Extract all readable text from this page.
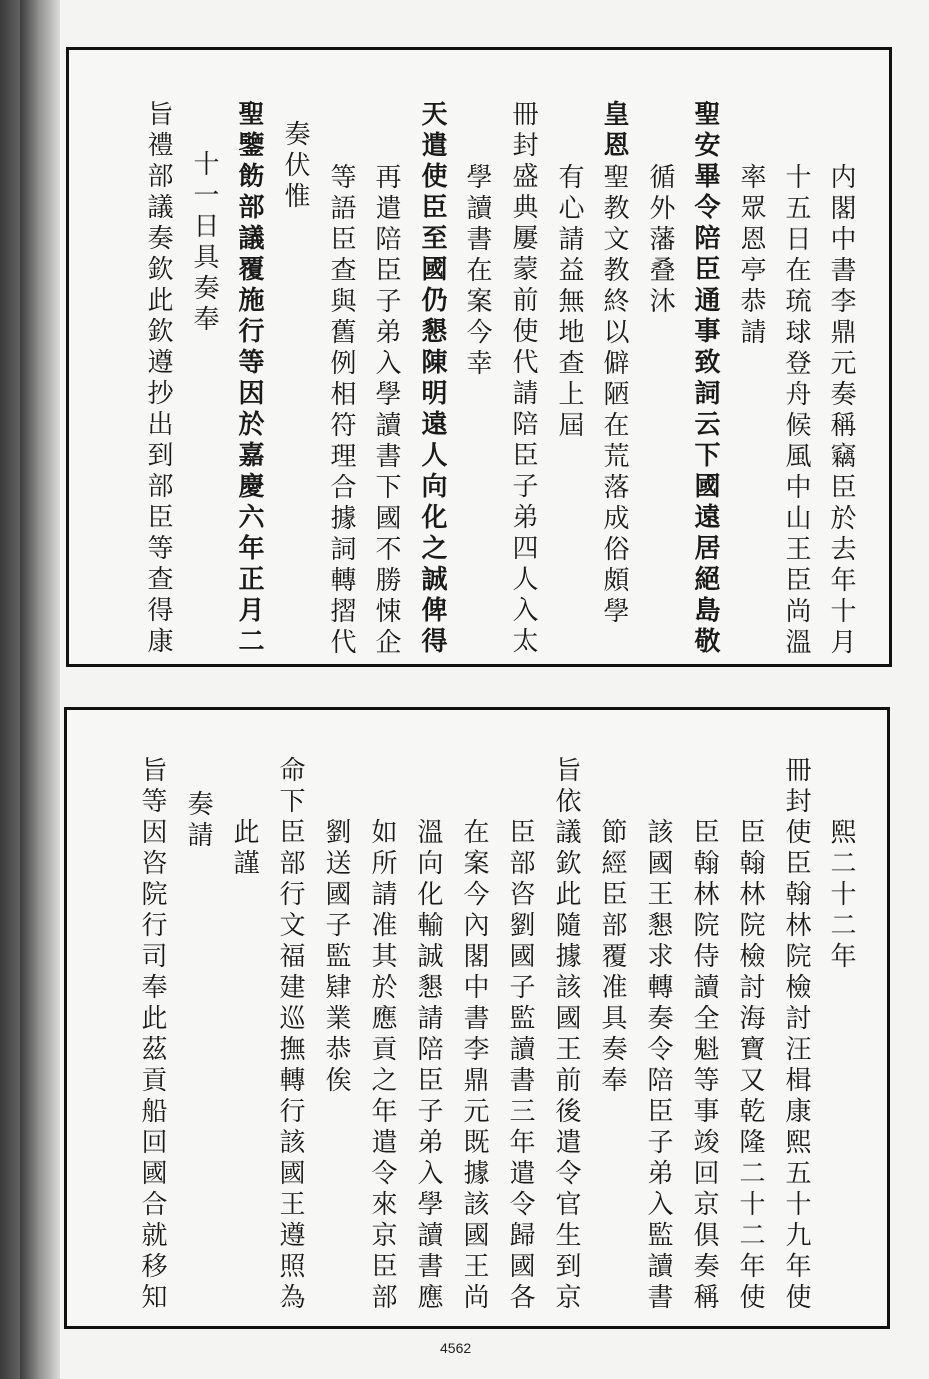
内閣中書李鼎元奏稱竊臣於去年十月
十五日在琉球登舟候風中山王臣尚溫
率眾恩亭恭請
聖安畢令陪臣通事致詞云下國遠居絕島敬
循外藩叠沐
皇恩
聖教文教終以僻陋在荒落成俗頗學
有心請益無地查上屆
冊封盛典屢蒙前使代請陪臣子弟四人入太
學讀書在案今幸
天遣使臣至國仍懇陳明遠人向化之誠俾得
再遣陪臣子弟入學讀書下國不勝悚企
等語臣查與舊例相符理合據詞轉摺代
奏伏惟
聖鑒飭部議覆施行等因於嘉慶六年正月二
十一日具奏奉
旨禮部議奏欽此欽遵抄出到部臣等查得康
熙二十二年
冊封使臣翰林院檢討汪楫康熙五十九年使
臣翰林院檢討海寶又乾隆二十二年使
臣翰林院侍讀全魁等事竣回京俱奏稱
該國王懇求轉奏令陪臣子弟入監讀書
節經臣部覆准具奏奉
旨依議欽此隨據該國王前後遣令官生到京
臣部咨劉國子監讀書三年遣令歸國各
在案今內閣中書李鼎元既據該國王尚
溫向化輸誠懇請陪臣子弟入學讀書應
如所請准其於應貢之年遣令來京臣部
劉送國子監肄業恭俟
命下臣部行文福建巡撫轉行該國王遵照為
此謹
奏請
旨等因咨院行司奉此茲貢船回國合就移知
4562
